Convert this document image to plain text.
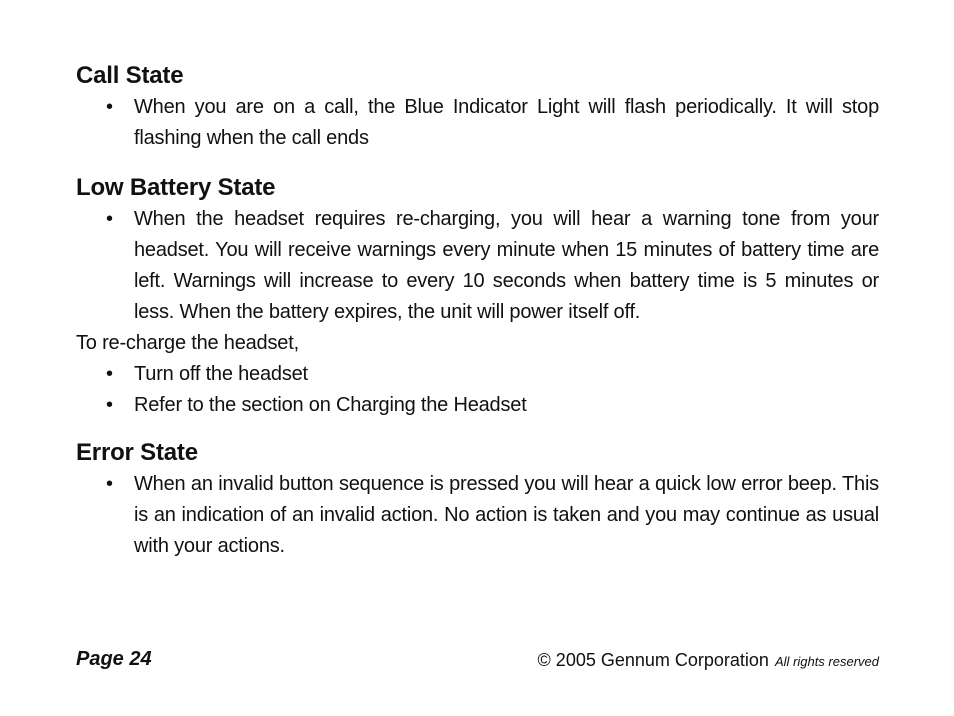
Call State
• When you are on a call, the Blue Indicator Light will flash periodically. It will stop flashing when the call ends
Low Battery State
• When the headset requires re-charging, you will hear a warning tone from your headset. You will receive warnings every minute when 15 minutes of battery time are left. Warnings will increase to every 10 seconds when battery time is 5 minutes or less. When the battery expires, the unit will power itself off.

To re-charge the headset,

• Turn off the headset
• Refer to the section on Charging the Headset
Error State
• When an invalid button sequence is pressed you will hear a quick low error beep. This is an indication of an invalid action. No action is taken and you may continue as usual with your actions.
Page 24	© 2005 Gennum Corporation All rights reserved
